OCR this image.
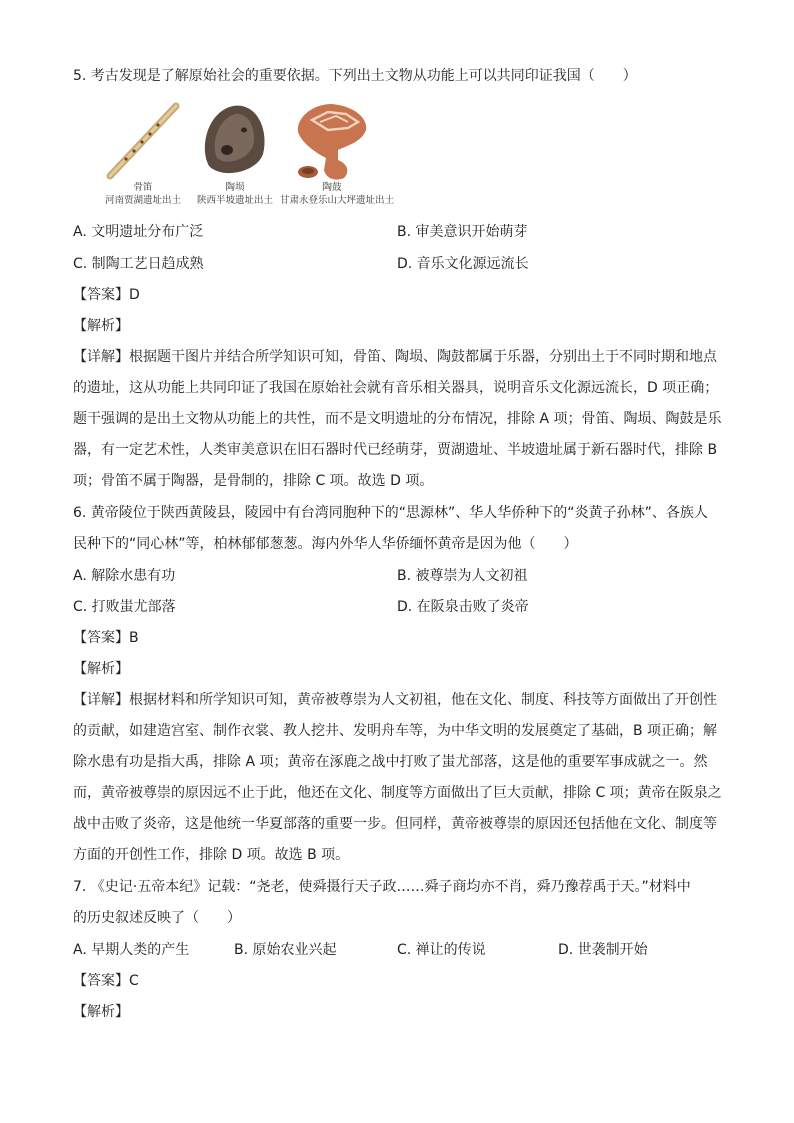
5. 考古发现是了解原始社会的重要依据。下列出土文物从功能上可以共同印证我国（　　）
骨笛
河南贾湖遗址出土
陶埙
陕西半坡遗址出土
陶鼓
甘肃永登乐山大坪遗址出土
A. 文明遗址分布广泛	B. 审美意识开始萌芽
C. 制陶工艺日趋成熟	D. 音乐文化源远流长
【答案】D
【解析】
【详解】根据题干图片并结合所学知识可知，骨笛、陶埙、陶鼓都属于乐器，分别出土于不同时期和地点
的遗址，这从功能上共同印证了我国在原始社会就有音乐相关器具，说明音乐文化源远流长，D 项正确；
题干强调的是出土文物从功能上的共性，而不是文明遗址的分布情况，排除 A 项；骨笛、陶埙、陶鼓是乐
器，有一定艺术性，人类审美意识在旧石器时代已经萌芽，贾湖遗址、半坡遗址属于新石器时代，排除 B
项；骨笛不属于陶器，是骨制的，排除 C 项。故选 D 项。
6. 黄帝陵位于陕西黄陵县，陵园中有台湾同胞种下的“思源林”、华人华侨种下的“炎黄子孙林”、各族人
民种下的“同心林”等，柏林郁郁葱葱。海内外华人华侨缅怀黄帝是因为他（　　）
A. 解除水患有功	B. 被尊崇为人文初祖
C. 打败蚩尤部落	D. 在阪泉击败了炎帝
【答案】B
【解析】
【详解】根据材料和所学知识可知，黄帝被尊崇为人文初祖，他在文化、制度、科技等方面做出了开创性
的贡献，如建造宫室、制作衣裳、教人挖井、发明舟车等，为中华文明的发展奠定了基础，B 项正确；解
除水患有功是指大禹，排除 A 项；黄帝在涿鹿之战中打败了蚩尤部落，这是他的重要军事成就之一。然
而，黄帝被尊崇的原因远不止于此，他还在文化、制度等方面做出了巨大贡献，排除 C 项；黄帝在阪泉之
战中击败了炎帝，这是他统一华夏部落的重要一步。但同样，黄帝被尊崇的原因还包括他在文化、制度等
方面的开创性工作，排除 D 项。故选 B 项。
7. 《史记·五帝本纪》记载：“尧老，使舜摄行天子政……舜子商均亦不肖，舜乃豫荐禹于天。”材料中
的历史叙述反映了（　　）
A. 早期人类的产生	B. 原始农业兴起	C. 禅让的传说	D. 世袭制开始
【答案】C
【解析】
